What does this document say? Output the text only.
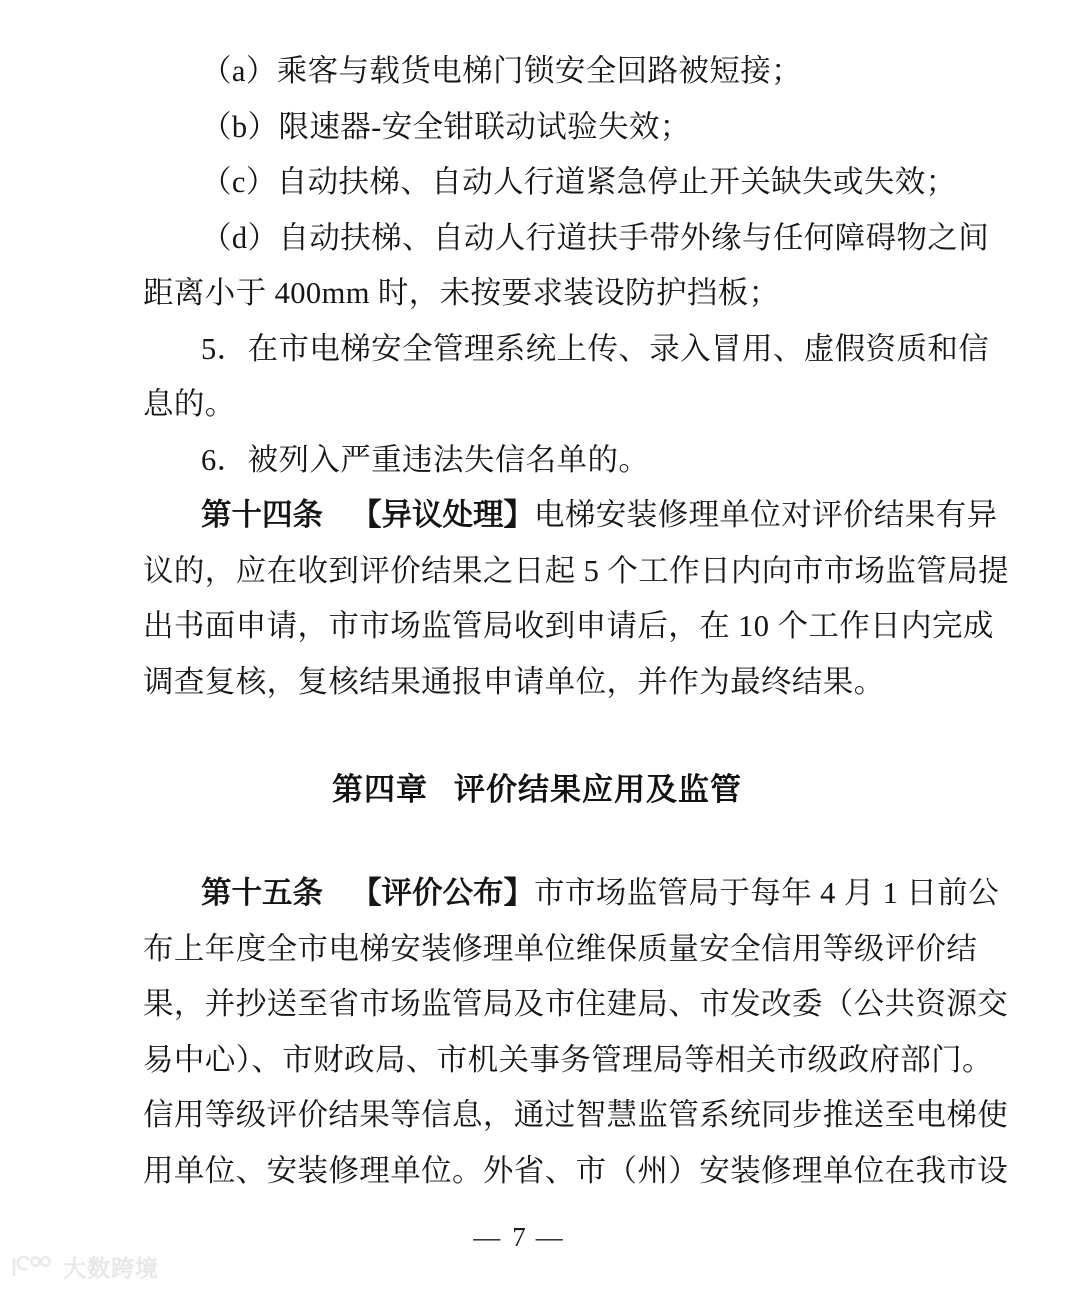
（a）乘客与载货电梯门锁安全回路被短接；
（b）限速器-安全钳联动试验失效；
（c）自动扶梯、自动人行道紧急停止开关缺失或失效；
（d）自动扶梯、自动人行道扶手带外缘与任何障碍物之间
距离小于 400mm 时，未按要求装设防护挡板；
5．在市电梯安全管理系统上传、录入冒用、虚假资质和信
息的。
6．被列入严重违法失信名单的。
第十四条 【异议处理】电梯安装修理单位对评价结果有异
议的，应在收到评价结果之日起 5 个工作日内向市市场监管局提
出书面申请，市市场监管局收到申请后，在 10 个工作日内完成
调查复核，复核结果通报申请单位，并作为最终结果。
第四章 评价结果应用及监管
第十五条 【评价公布】市市场监管局于每年 4 月 1 日前公
布上年度全市电梯安装修理单位维保质量安全信用等级评价结
果，并抄送至省市场监管局及市住建局、市发改委（公共资源交
易中心）、市财政局、市机关事务管理局等相关市级政府部门。
信用等级评价结果等信息，通过智慧监管系统同步推送至电梯使
用单位、安装修理单位。外省、市（州）安装修理单位在我市设
— 7 —
大数跨境
